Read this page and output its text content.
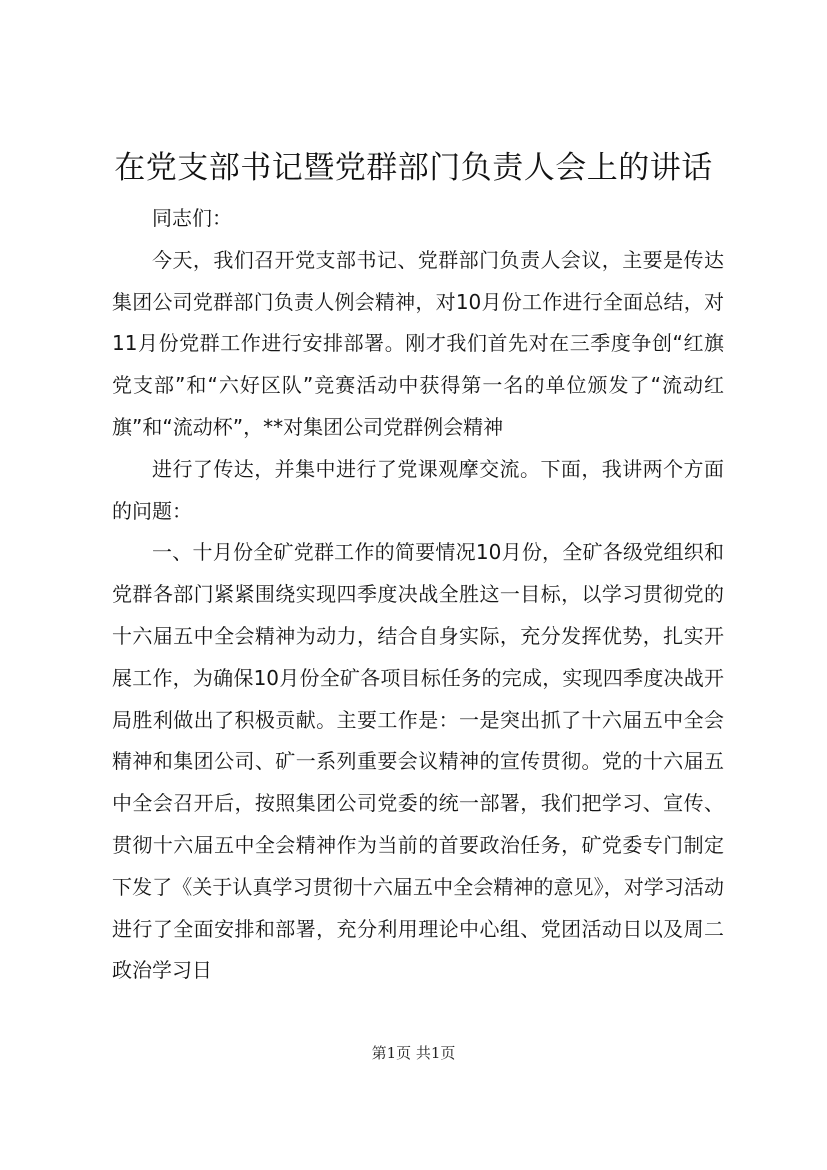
在党支部书记暨党群部门负责人会上的讲话

同志们：

今天，我们召开党支部书记、党群部门负责人会议，主要是传达集团公司党群部门负责人例会精神，对10月份工作进行全面总结，对11月份党群工作进行安排部署。刚才我们首先对在三季度争创“红旗党支部”和“六好区队”竞赛活动中获得第一名的单位颁发了“流动红旗”和“流动杯”，**对集团公司党群例会精神

进行了传达，并集中进行了党课观摩交流。下面，我讲两个方面的问题：

一、十月份全矿党群工作的简要情况10月份，全矿各级党组织和党群各部门紧紧围绕实现四季度决战全胜这一目标，以学习贯彻党的十六届五中全会精神为动力，结合自身实际，充分发挥优势，扎实开展工作，为确保10月份全矿各项目标任务的完成，实现四季度决战开局胜利做出了积极贡献。主要工作是：一是突出抓了十六届五中全会精神和集团公司、矿一系列重要会议精神的宣传贯彻。党的十六届五中全会召开后，按照集团公司党委的统一部署，我们把学习、宣传、贯彻十六届五中全会精神作为当前的首要政治任务，矿党委专门制定下发了《关于认真学习贯彻十六届五中全会精神的意见》，对学习活动进行了全面安排和部署，充分利用理论中心组、党团活动日以及周二政治学习日

第1页 共1页
